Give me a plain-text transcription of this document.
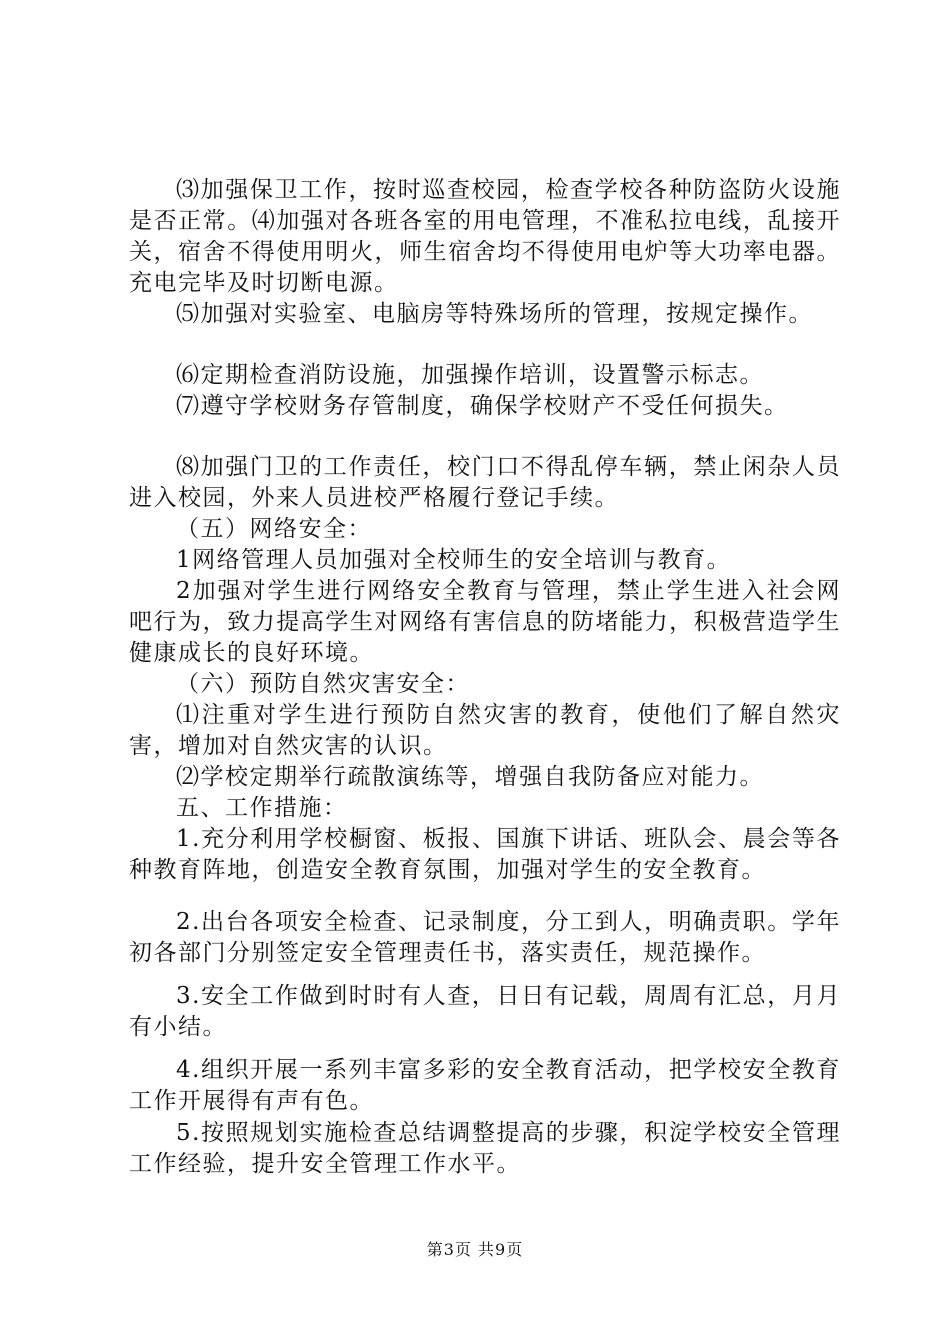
⑶加强保卫工作，按时巡查校园，检查学校各种防盗防火设施是否正常。⑷加强对各班各室的用电管理，不准私拉电线，乱接开关，宿舍不得使用明火，师生宿舍均不得使用电炉等大功率电器。充电完毕及时切断电源。

⑸加强对实验室、电脑房等特殊场所的管理，按规定操作。

⑹定期检查消防设施，加强操作培训，设置警示标志。

⑺遵守学校财务存管制度，确保学校财产不受任何损失。

⑻加强门卫的工作责任，校门口不得乱停车辆，禁止闲杂人员进入校园，外来人员进校严格履行登记手续。

（五）网络安全：

1网络管理人员加强对全校师生的安全培训与教育。

2加强对学生进行网络安全教育与管理，禁止学生进入社会网吧行为，致力提高学生对网络有害信息的防堵能力，积极营造学生健康成长的良好环境。

（六）预防自然灾害安全：

⑴注重对学生进行预防自然灾害的教育，使他们了解自然灾害，增加对自然灾害的认识。

⑵学校定期举行疏散演练等，增强自我防备应对能力。

五、工作措施：

1.充分利用学校橱窗、板报、国旗下讲话、班队会、晨会等各种教育阵地，创造安全教育氛围，加强对学生的安全教育。

2.出台各项安全检查、记录制度，分工到人，明确责职。学年初各部门分别签定安全管理责任书，落实责任，规范操作。

3.安全工作做到时时有人查，日日有记载，周周有汇总，月月有小结。

4.组织开展一系列丰富多彩的安全教育活动，把学校安全教育工作开展得有声有色。

5.按照规划实施检查总结调整提高的步骤，积淀学校安全管理工作经验，提升安全管理工作水平。

第3页 共9页
